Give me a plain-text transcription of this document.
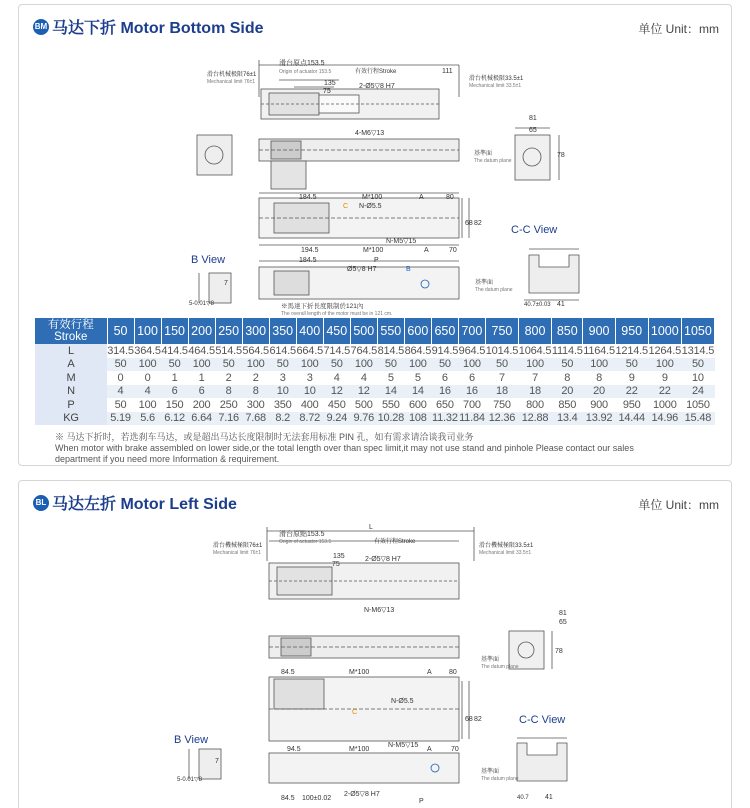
BM 马达下折 Motor Bottom Side	单位 Unit：mm
滑台原点153.5
Origin of actuator 153.5	有效行程Stroke	111
滑台机械极限76±1
Mechanical limit 76±1	滑台机械极限33.5±1
Mechanical limit 33.5±1
135
75
2-Ø5▽8 H7
4-M6▽13
81
65
78
184.5	M*100	A	80
N-Ø5.5
C
68 82
N-M5▽15
194.5	M*100	A	70
184.5	P
Ø5▽8 H7	B
7
5-0.01▽8	41
40.7±0.03
基準面
The datum plane
基準面
The datum plane
B View
C-C View
※馬達下折長度限制於121內
The overall length of the motor must be in 121 cm.
有效行程
Stroke	50	100	150	200	250	300	350	400	450	500	550	600	650	700	750	800	850	900	950	1000	1050
L	314.5	364.5	414.5	464.5	514.5	564.5	614.5	664.5	714.5	764.5	814.5	864.5	914.5	964.5	1014.5	1064.5	1114.5	1164.5	1214.5	1264.5	1314.5
A	50	100	50	100	50	100	50	100	50	100	50	100	50	100	50	100	50	100	50	100	50
M	0	0	1	1	2	2	3	3	4	4	5	5	6	6	7	7	8	8	9	9	10
N	4	4	6	6	8	8	10	10	12	12	14	14	16	16	18	18	20	20	22	22	24
P	50	100	150	200	250	300	350	400	450	500	550	600	650	700	750	800	850	900	950	1000	1050
KG	5.19	5.6	6.12	6.64	7.16	7.68	8.2	8.72	9.24	9.76	10.28	108	11.32	11.84	12.36	12.88	13.4	13.92	14.44	14.96	15.48

※ 马达下折时，若选刹车马达，或是超出马达长度限制时无法套用标准 PIN 孔，如有需求请洽谈我司业务

When motor with brake assembled on lower side,or the total length over than spec limit,it may not use stand and pinhole Please contact our sales

department if you need more Information & requirement.

BL 马达左折 Motor Left Side	单位 Unit：mm
滑台原點153.5
Origin of actuator 153.5	有效行程Stroke
L
滑台機械極限76±1
Mechanical limit 76±1
滑台機械極限33.5±1
Mechanical limit 33.5±1
135
75
2-Ø5▽8 H7
N-M6▽13	81
65
78
84.5	M*100	A 80
N-Ø5.5
C
68 82
N-M5▽15
94.5	M*100	A	70
84.5 100±0.02
2-Ø5▽8 H7
P
7
5-0.01▽8
41
40.7
基準面
The datum plane
基準面
The datum plane
B View
C-C View
